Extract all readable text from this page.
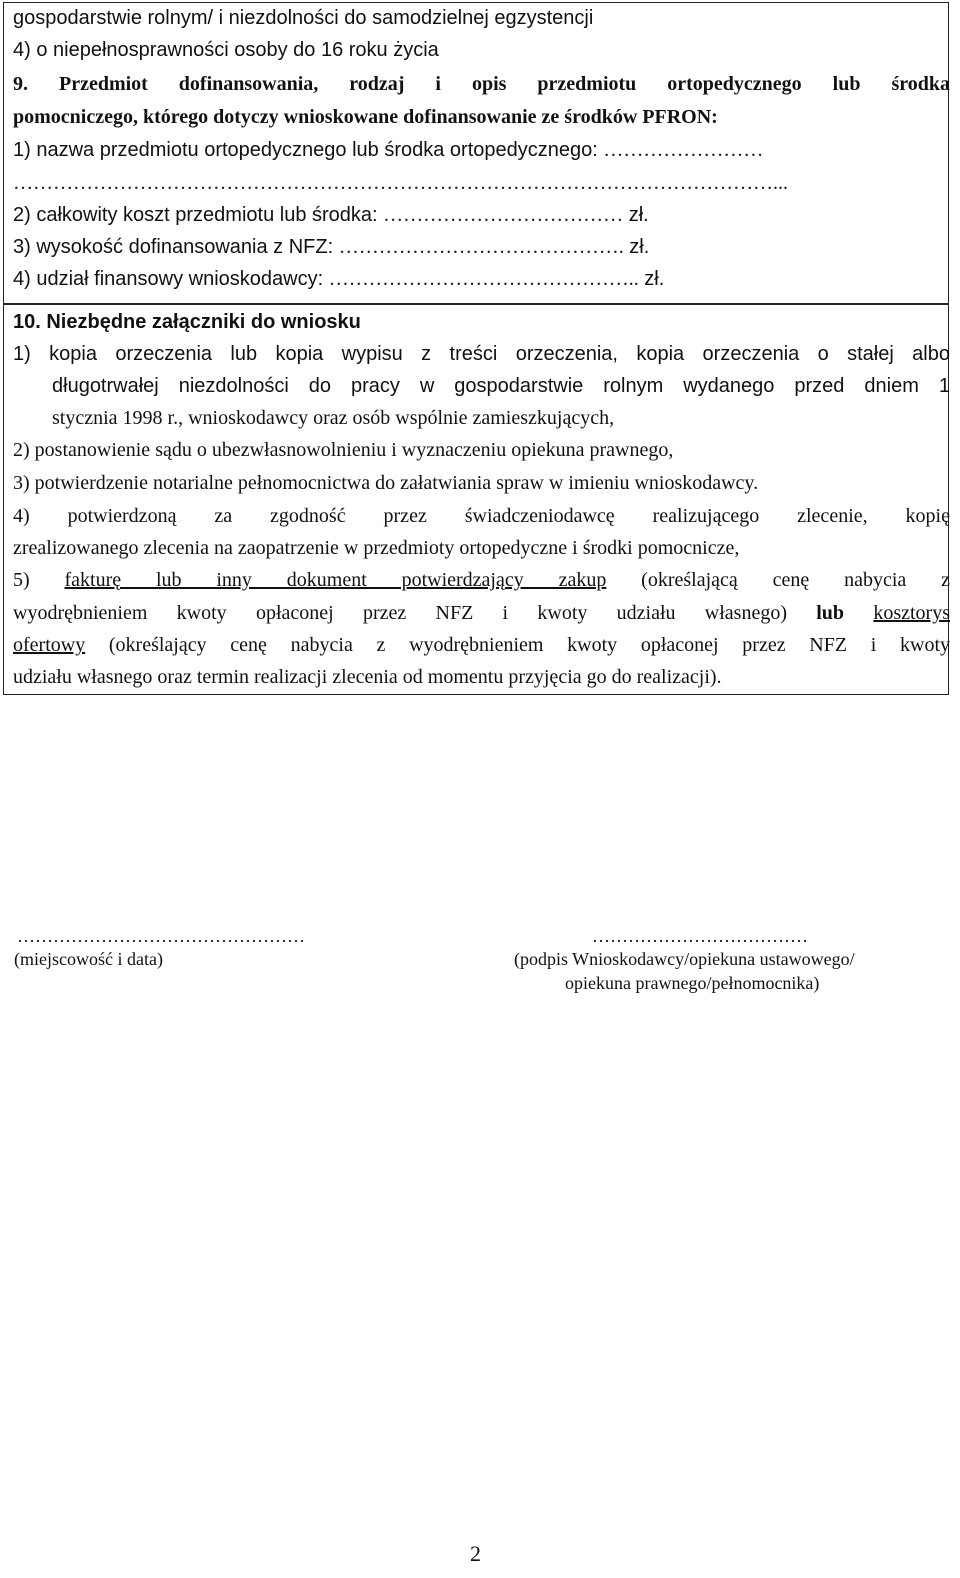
gospodarstwie rolnym/ i niezdolności do samodzielnej egzystencji
4) o niepełnosprawności osoby do 16 roku życia
9. Przedmiot dofinansowania, rodzaj i opis przedmiotu ortopedycznego lub środka
pomocniczego, którego dotyczy wnioskowane dofinansowanie ze środków PFRON:
1) nazwa przedmiotu ortopedycznego lub środka ortopedycznego: ……………………
……………………………………………………………………………………………………...
2) całkowity koszt przedmiotu lub środka: ……………………………… zł.
3) wysokość dofinansowania z NFZ: ……………………………………. zł.
4) udział finansowy wnioskodawcy: ……………………………………….. zł.
10. Niezbędne załączniki do wniosku
1) kopia orzeczenia lub kopia wypisu z treści orzeczenia, kopia orzeczenia o stałej albo
długotrwałej niezdolności do pracy w gospodarstwie rolnym wydanego przed dniem 1
stycznia 1998 r., wnioskodawcy oraz osób wspólnie zamieszkujących,
2) postanowienie sądu o ubezwłasnowolnieniu i wyznaczeniu opiekuna prawnego,
3) potwierdzenie notarialne pełnomocnictwa do załatwiania spraw w imieniu wnioskodawcy.
4) potwierdzoną za zgodność przez świadczeniodawcę realizującego zlecenie, kopię
zrealizowanego zlecenia na zaopatrzenie w przedmioty ortopedyczne i środki pomocnicze,
5) fakturę lub inny dokument potwierdzający zakup (określającą cenę nabycia z
wyodrębnieniem kwoty opłaconej przez NFZ i kwoty udziału własnego) lub kosztorys
ofertowy (określający cenę nabycia z wyodrębnieniem kwoty opłaconej przez NFZ i kwoty
udziału własnego oraz termin realizacji zlecenia od momentu przyjęcia go do realizacji).
…………………………………………
(miejscowość i data)
………………………………
(podpis Wnioskodawcy/opiekuna ustawowego/
opiekuna prawnego/pełnomocnika)
2
